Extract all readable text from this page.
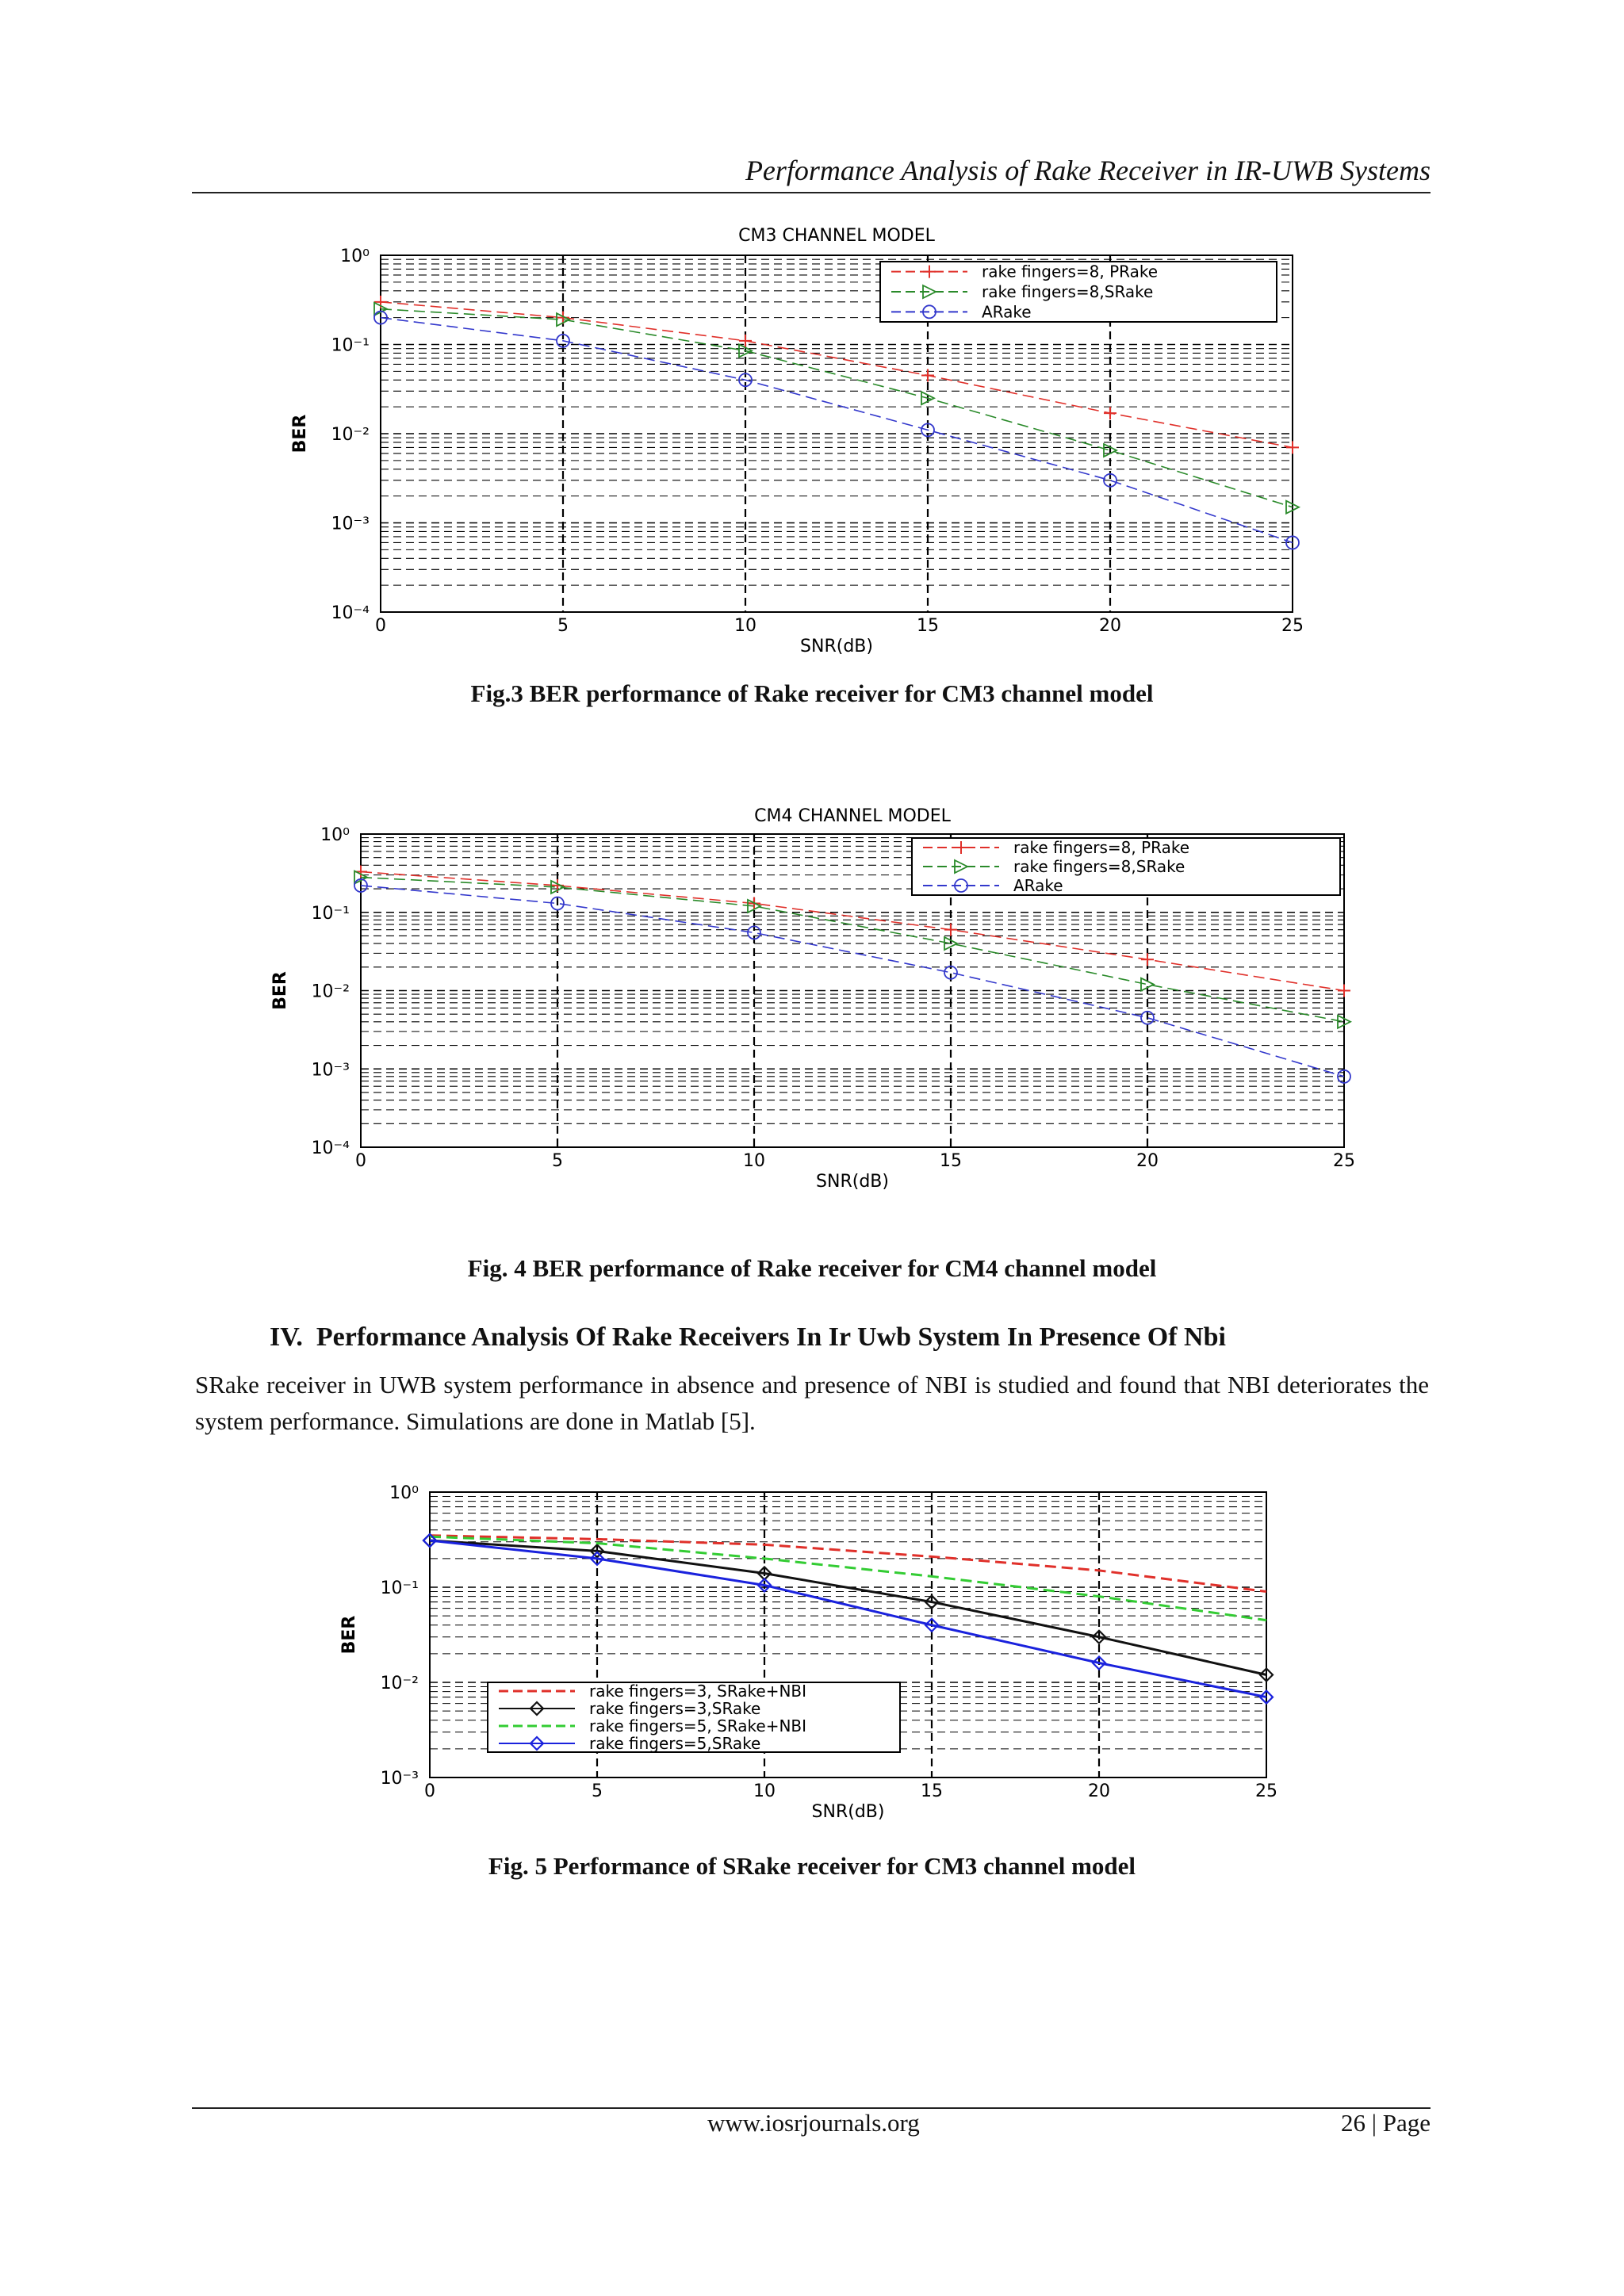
Performance Analysis of Rake Receiver in IR-UWB Systems
0	5	10	15	20	25
10⁰
10⁻¹
10⁻²
10⁻³
10⁻⁴
SNR(dB)
BER
CM3 CHANNEL MODEL
rake fingers=8, PRake
rake fingers=8,SRake
ARake
Fig.3 BER performance of Rake receiver for CM3 channel model
0	5	10	15	20	25
10⁰
10⁻¹
10⁻²
10⁻³
10⁻⁴
SNR(dB)
BER
CM4 CHANNEL MODEL
rake fingers=8, PRake
rake fingers=8,SRake
ARake
Fig. 4 BER performance of Rake receiver for CM4 channel model
IV. Performance Analysis Of Rake Receivers In Ir Uwb System In Presence Of Nbi
SRake receiver in UWB system performance in absence and presence of NBI is studied and found that NBI deteriorates the system performance. Simulations are done in Matlab [5].
0	5	10	15	20	25
10⁰
10⁻¹
10⁻²
10⁻³
SNR(dB)
BER
rake fingers=3, SRake+NBI
rake fingers=3,SRake
rake fingers=5, SRake+NBI
rake fingers=5,SRake
Fig. 5 Performance of SRake receiver for CM3 channel model
www.iosrjournals.org	26 | Page
